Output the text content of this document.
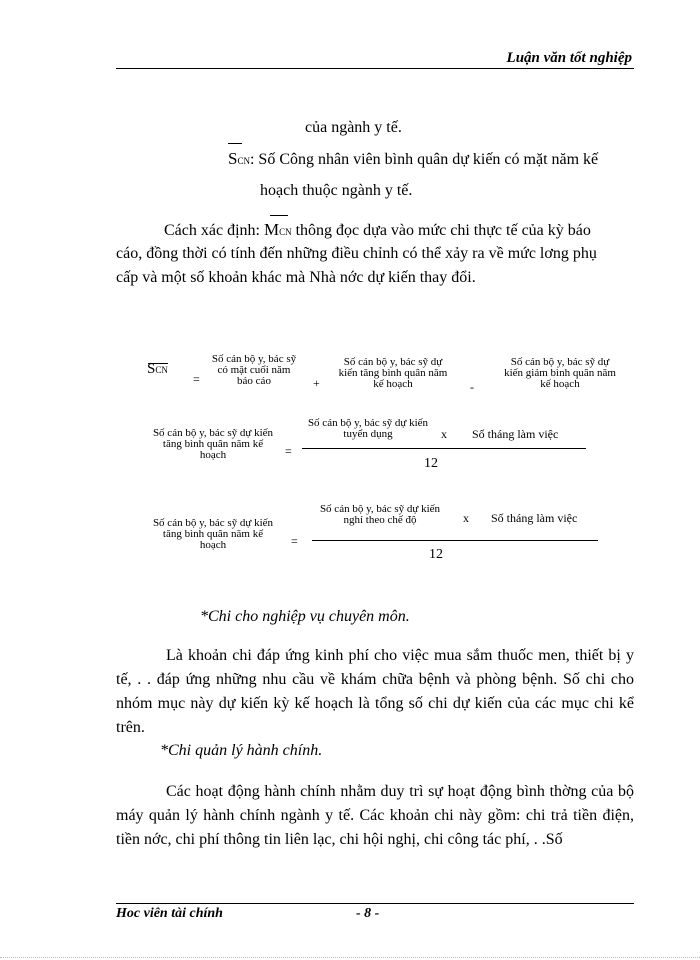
Luận văn tốt nghiệp
của ngành y tế.
SCN: Số Công nhân viên bình quân dự kiến có mặt năm kế
hoạch thuộc ngành y tế.
Cách xác định: MCN thông đọc dựa vào mức chi thực tế của kỳ báo
cáo, đồng thời có tính đến những điều chỉnh có thể xảy ra về mức lơng phụ
cấp và một số khoản khác mà Nhà nớc dự kiến thay đổi.
SCN
=
Số cán bộ y, bác sỹ có mặt cuối năm báo cáo	+
Số cán bộ y, bác sỹ dự kiến tăng bình quân năm kế hoạch	-
Số cán bộ y, bác sỹ dự kiến giảm bình quân năm kế hoạch
Số cán bộ y, bác sỹ dự kiến tăng bình quân năm kế hoạch	=
Số cán bộ y, bác sỹ dự kiến tuyển dụng	x Số tháng làm việc
12
Số cán bộ y, bác sỹ dự kiến tăng bình quân năm kế hoạch	=
Số cán bộ y, bác sỹ dự kiến nghỉ theo chế độ	x Số tháng làm việc
12
*Chi cho nghiệp vụ chuyên môn.
Là khoản chi đáp ứng kinh phí cho việc mua sắm thuốc men, thiết bị y tế, . . đáp ứng những nhu cầu về khám chữa bệnh và phòng bệnh. Số chi cho nhóm mục này dự kiến kỳ kế hoạch là tổng số chi dự kiến của các mục chi kể trên.
*Chi quản lý hành chính.
Các hoạt động hành chính nhằm duy trì sự hoạt động bình thờng của bộ máy quản lý hành chính ngành y tế. Các khoản chi này gồm: chi trả tiền điện, tiền nớc, chi phí thông tin liên lạc, chi hội nghị, chi công tác phí, . .Số
Hoc viên tài chính	- 8 -
